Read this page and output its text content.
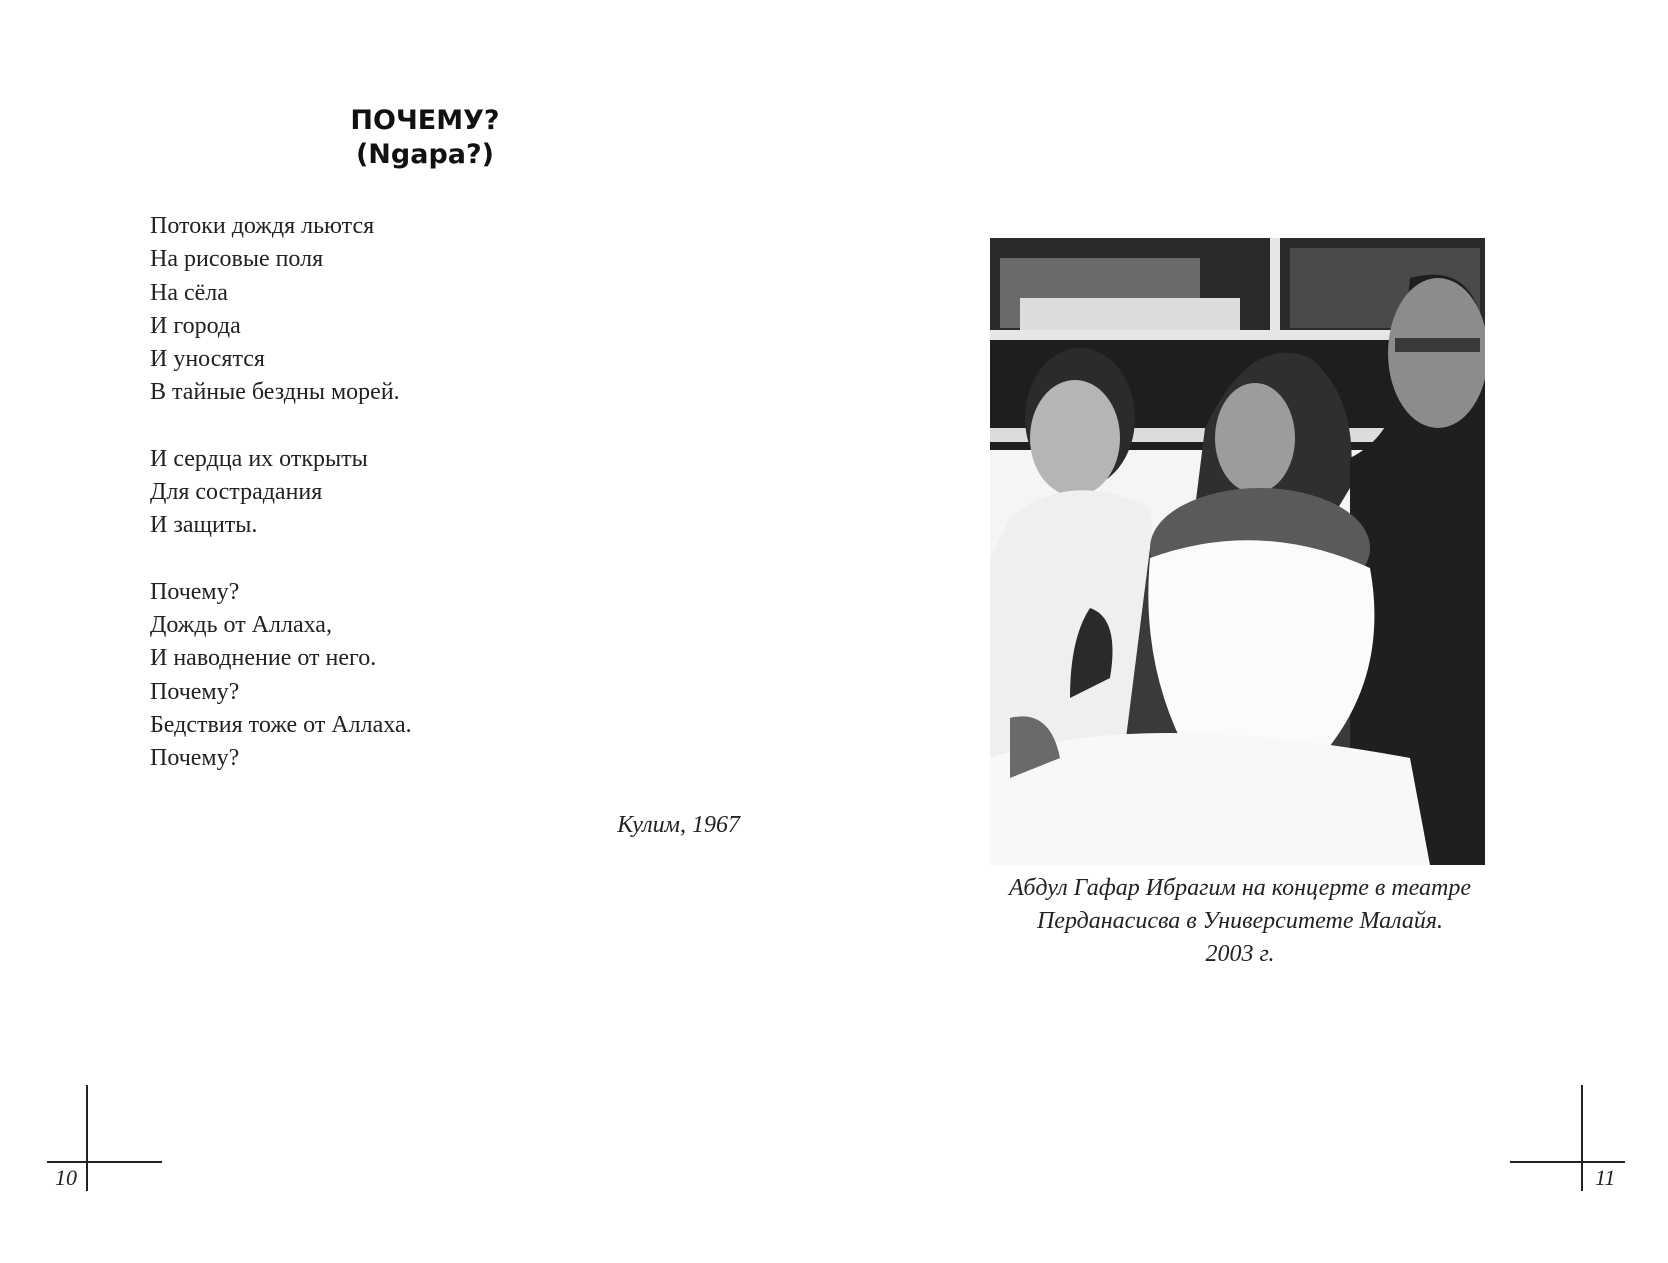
ПОЧЕМУ?
(Ngapa?)
Потоки дождя льются
На рисовые поля
На сёла
И города
И уносятся
В тайные бездны морей.
И сердца их открыты
Для сострадания
И защиты.
Почему?
Дождь от Аллаха,
И наводнение от него.
Почему?
Бедствия тоже от Аллаха.
Почему?
Кулим, 1967
10
Абдул Гафар Ибрагим на концерте в театре
Перданасисва в Университете Малайя.
2003 г.
11
